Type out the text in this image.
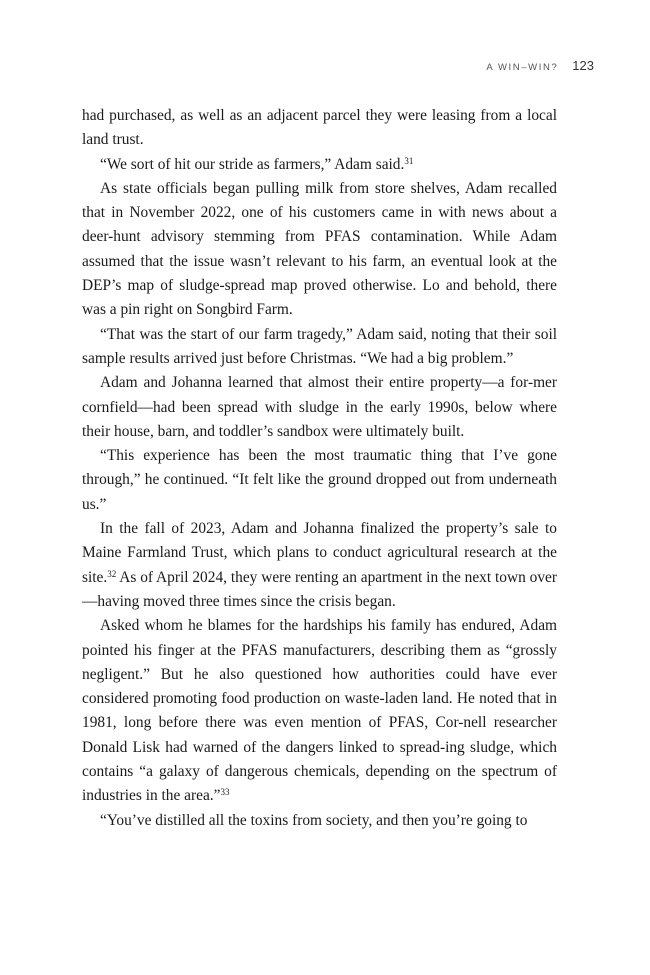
A WIN–WIN? 123

had purchased, as well as an adjacent parcel they were leasing from a local land trust.

“We sort of hit our stride as farmers,” Adam said.$^{31}$

As state officials began pulling milk from store shelves, Adam recalled that in November 2022, one of his customers came in with news about a deer-hunt advisory stemming from PFAS contamination. While Adam assumed that the issue wasn’t relevant to his farm, an eventual look at the DEP’s map of sludge-spread map proved otherwise. Lo and behold, there was a pin right on Songbird Farm.

“That was the start of our farm tragedy,” Adam said, noting that their soil sample results arrived just before Christmas. “We had a big problem.”

Adam and Johanna learned that almost their entire property—a for-mer cornfield—had been spread with sludge in the early 1990s, below where their house, barn, and toddler’s sandbox were ultimately built.

“This experience has been the most traumatic thing that I’ve gone through,” he continued. “It felt like the ground dropped out from underneath us.”

In the fall of 2023, Adam and Johanna finalized the property’s sale to Maine Farmland Trust, which plans to conduct agricultural research at the site.$^{32}$ As of April 2024, they were renting an apartment in the next town over—having moved three times since the crisis began.

Asked whom he blames for the hardships his family has endured, Adam pointed his finger at the PFAS manufacturers, describing them as “grossly negligent.” But he also questioned how authorities could have ever considered promoting food production on waste-laden land. He noted that in 1981, long before there was even mention of PFAS, Cor-nell researcher Donald Lisk had warned of the dangers linked to spread-ing sludge, which contains “a galaxy of dangerous chemicals, depending on the spectrum of industries in the area.”$^{33}$

“You’ve distilled all the toxins from society, and then you’re going to
